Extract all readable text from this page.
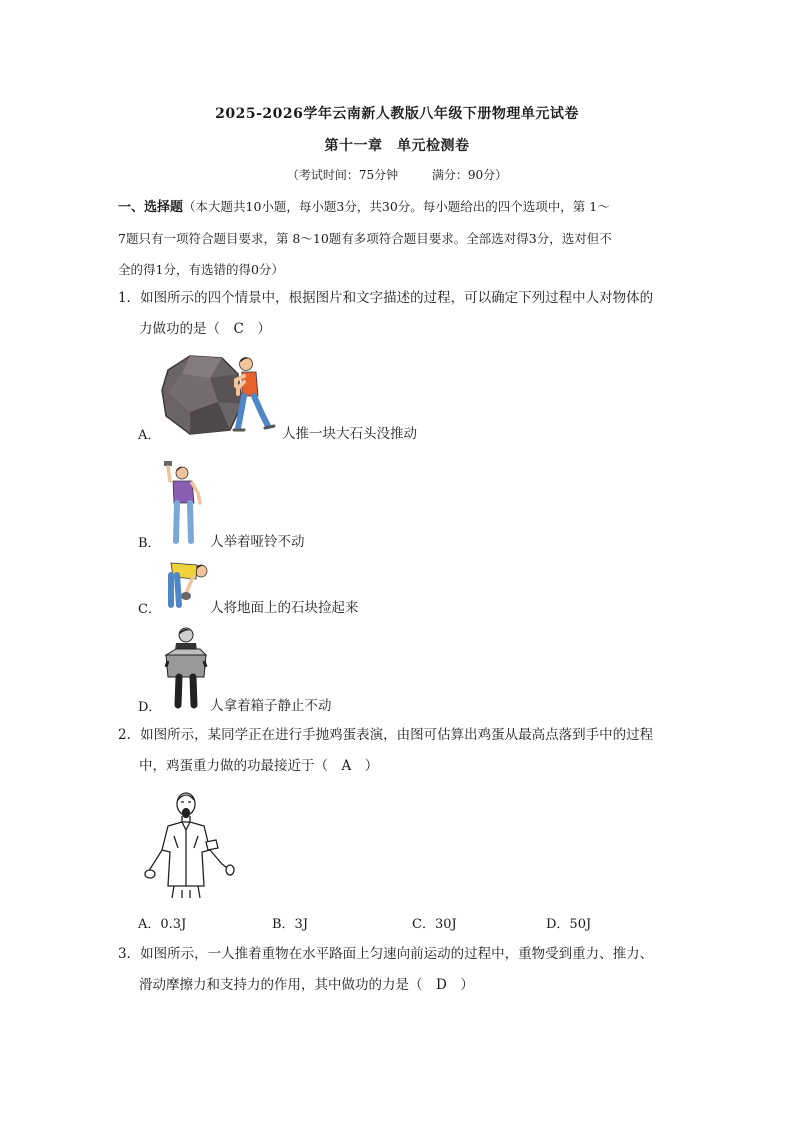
2025-2026学年云南新人教版八年级下册物理单元试卷
第十一章　单元检测卷
（考试时间：75分钟	满分：90分）
一、选择题（本大题共10小题，每小题3分，共30分。每小题给出的四个选项中，第 1～
7题只有一项符合题目要求，第 8～10题有多项符合题目要求。全部选对得3分，选对但不
全的得1分，有选错的得0分）
1．如图所示的四个情景中，根据图片和文字描述的过程，可以确定下列过程中人对物体的
力做功的是（　C　）
A．	人推一块大石头没推动
B．	人举着哑铃不动
C．	人将地面上的石块捡起来
D．	人拿着箱子静止不动
2．如图所示，某同学正在进行手抛鸡蛋表演，由图可估算出鸡蛋从最高点落到手中的过程
中，鸡蛋重力做的功最接近于（　A　）
A．0.3J	B．3J	C．30J	D．50J
3．如图所示，一人推着重物在水平路面上匀速向前运动的过程中，重物受到重力、推力、
滑动摩擦力和支持力的作用，其中做功的力是（　D　）
